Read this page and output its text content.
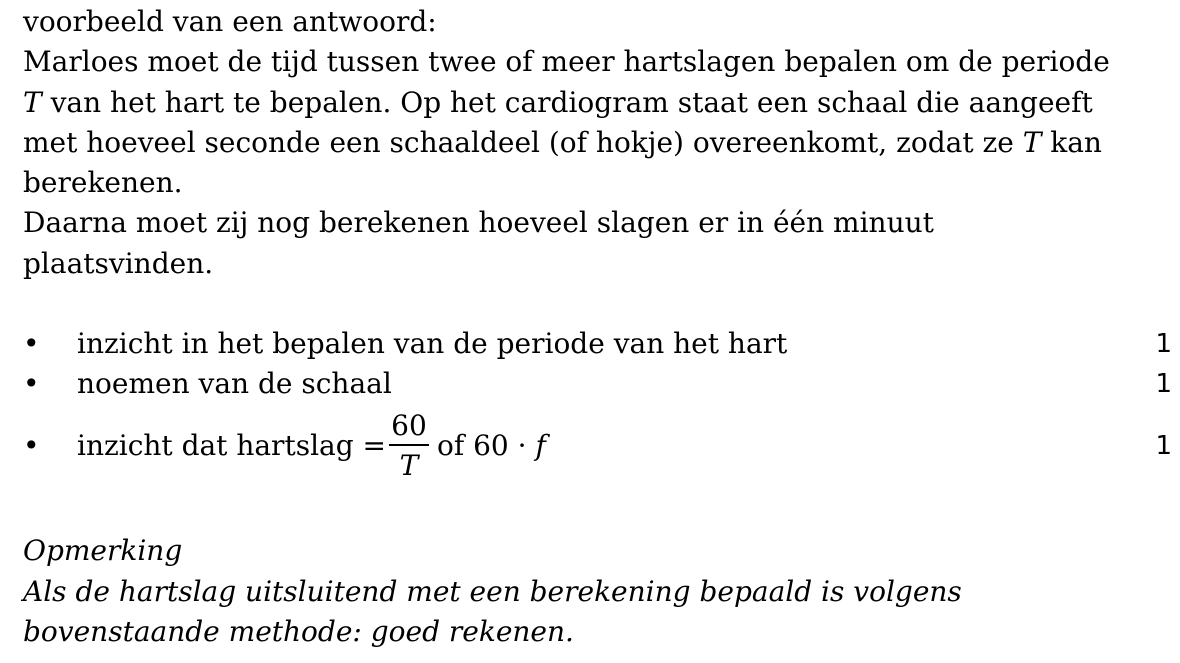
voorbeeld van een antwoord:
Marloes moet de tijd tussen twee of meer hartslagen bepalen om de periode
T van het hart te bepalen. Op het cardiogram staat een schaal die aangeeft
met hoeveel seconde een schaaldeel (of hokje) overeenkomt, zodat ze T kan
berekenen.
Daarna moet zij nog berekenen hoeveel slagen er in één minuut
plaatsvinden.
• inzicht in het bepalen van de periode van het hart	1
• noemen van de schaal	1
• inzicht dat hartslag =
60
T
of 60 · f	1
Opmerking
Als de hartslag uitsluitend met een berekening bepaald is volgens
bovenstaande methode: goed rekenen.
